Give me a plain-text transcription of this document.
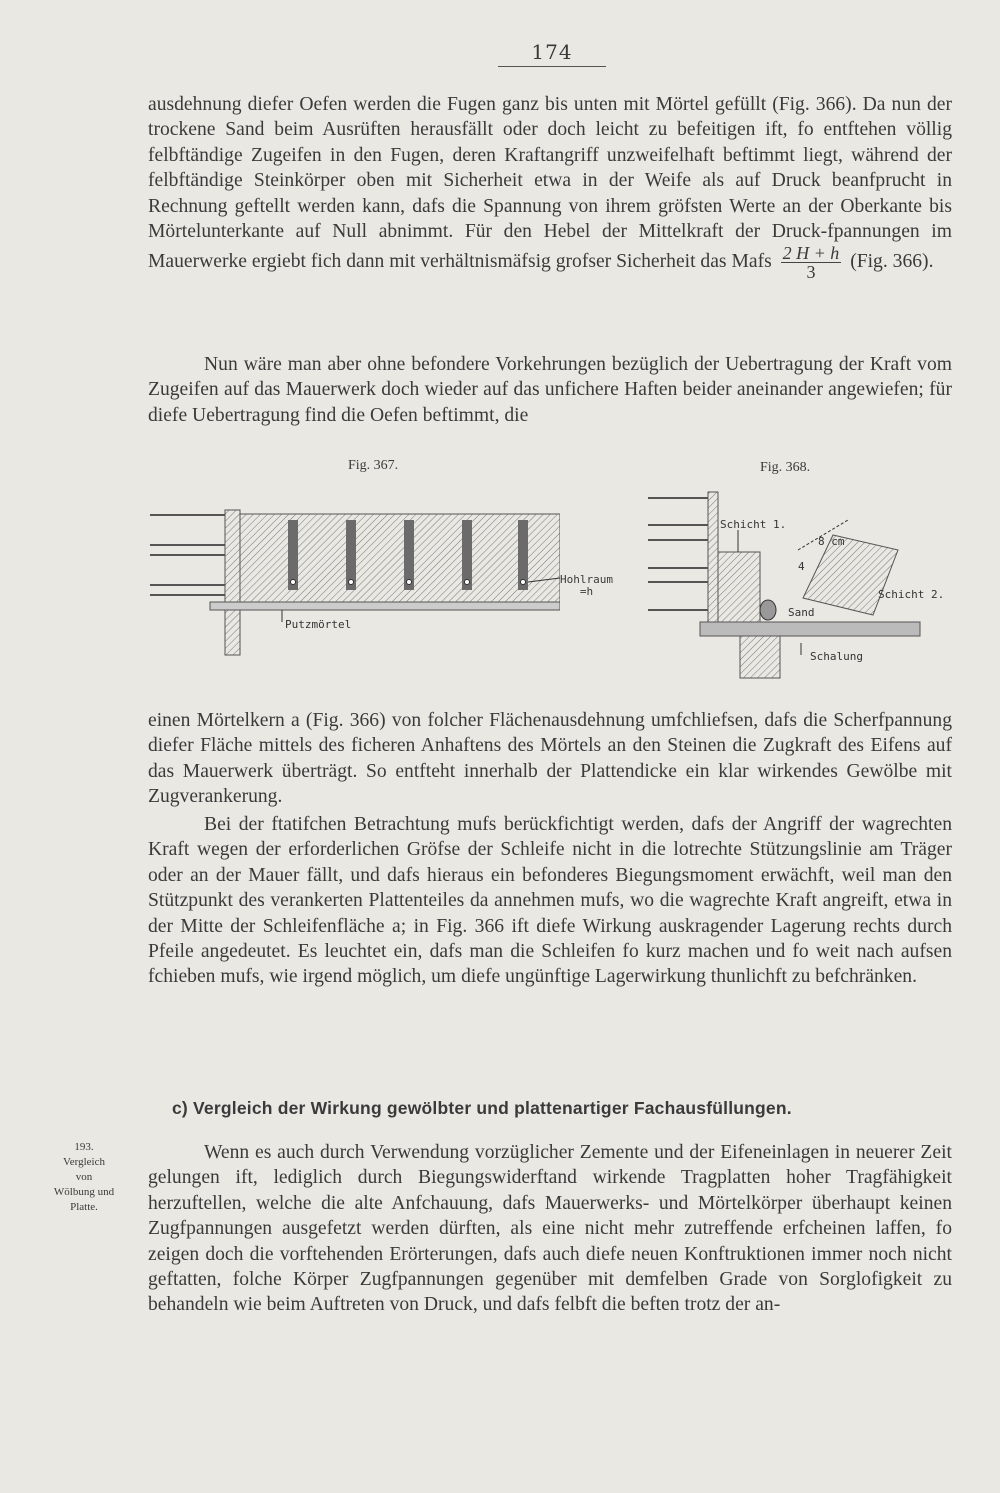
174

ausdehnung diefer Oefen werden die Fugen ganz bis unten mit Mörtel gefüllt (Fig. 366). Da nun der trockene Sand beim Ausrüften herausfällt oder doch leicht zu befeitigen ift, fo entftehen völlig felbftändige Zugeifen in den Fugen, deren Kraftangriff unzweifelhaft beftimmt liegt, während der felbftändige Steinkörper oben mit Sicherheit etwa in der Weife als auf Druck beanfprucht in Rechnung geftellt werden kann, dafs die Spannung von ihrem gröfsten Werte an der Oberkante bis Mörtelunterkante auf Null abnimmt. Für den Hebel der Mittelkraft der Druck-fpannungen im Mauerwerke ergiebt fich dann mit verhältnismäfsig grofser Sicherheit das Mafs $\frac{2 H + h}{3} (Fig$. 366).

Nun wäre man aber ohne befondere Vorkehrungen bezüglich der Uebertragung der Kraft vom Zugeifen auf das Mauerwerk doch wieder auf das unfichere Haften beider aneinander angewiefen; für diefe Uebertragung find die Oefen beftimmt, die

Fig. 367.	Fig. 368.
Putzmörtel
Hohlraum
=h
Schicht 1.
Schicht 2.
Sand
Schalung
8 cm
4

einen Mörtelkern a (Fig. 366) von folcher Flächenausdehnung umfchliefsen, dafs die Scherfpannung diefer Fläche mittels des ficheren Anhaftens des Mörtels an den Steinen die Zugkraft des Eifens auf das Mauerwerk überträgt. So entfteht innerhalb der Plattendicke ein klar wirkendes Gewölbe mit Zugverankerung.

Bei der ftatifchen Betrachtung mufs berückfichtigt werden, dafs der Angriff der wagrechten Kraft wegen der erforderlichen Gröfse der Schleife nicht in die lotrechte Stützungslinie am Träger oder an der Mauer fällt, und dafs hieraus ein befonderes Biegungsmoment erwächft, weil man den Stützpunkt des verankerten Plattenteiles da annehmen mufs, wo die wagrechte Kraft angreift, etwa in der Mitte der Schleifenfläche a; in Fig. 366 ift diefe Wirkung auskragender Lagerung rechts durch Pfeile angedeutet. Es leuchtet ein, dafs man die Schleifen fo kurz machen und fo weit nach aufsen fchieben mufs, wie irgend möglich, um diefe ungünftige Lagerwirkung thunlichft zu befchränken.

c) Vergleich der Wirkung gewölbter und plattenartiger Fachausfüllungen.
193.
Vergleich
von
Wölbung und
Platte.

Wenn es auch durch Verwendung vorzüglicher Zemente und der Eifeneinlagen in neuerer Zeit gelungen ift, lediglich durch Biegungswiderftand wirkende Tragplatten hoher Tragfähigkeit herzuftellen, welche die alte Anfchauung, dafs Mauerwerks- und Mörtelkörper überhaupt keinen Zugfpannungen ausgefetzt werden dürften, als eine nicht mehr zutreffende erfcheinen laffen, fo zeigen doch die vorftehenden Erörterungen, dafs auch diefe neuen Konftruktionen immer noch nicht geftatten, folche Körper Zugfpannungen gegenüber mit demfelben Grade von Sorglofigkeit zu behandeln wie beim Auftreten von Druck, und dafs felbft die beften trotz der an-
